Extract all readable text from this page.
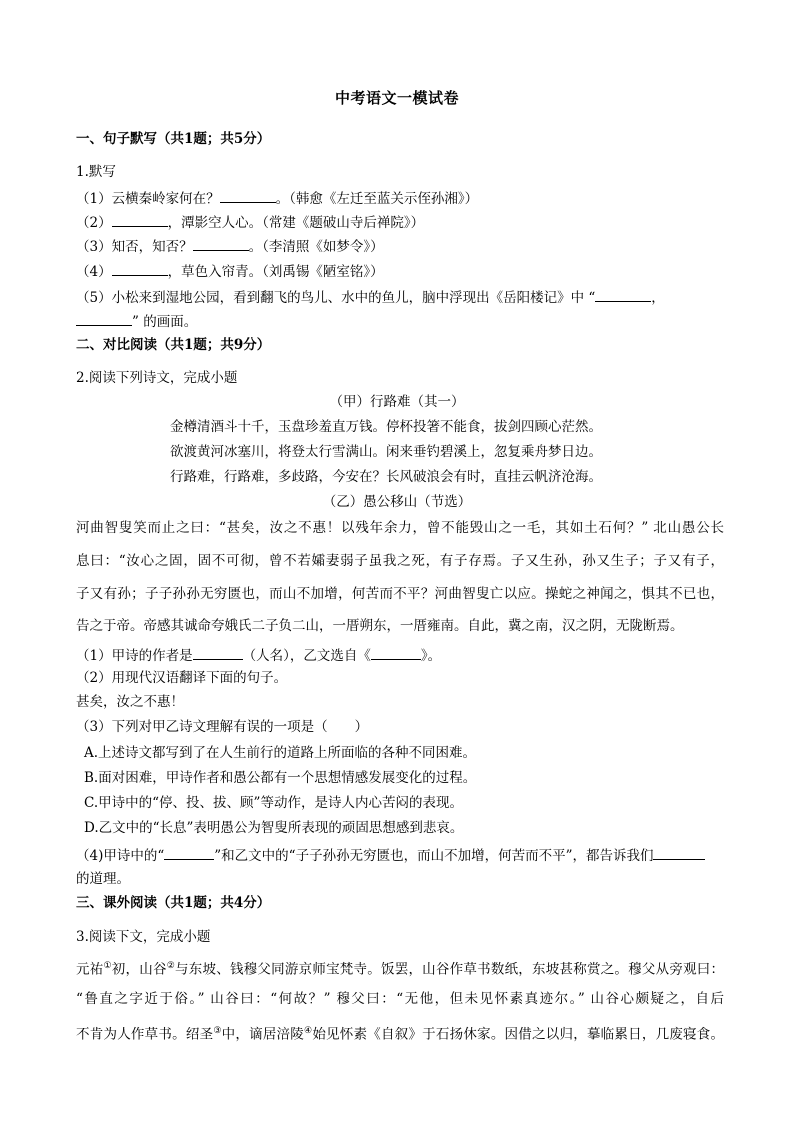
中考语文一模试卷
一、句子默写（共1题；共5分）
1.默写
（1）云横秦岭家何在？	。（韩愈《左迁至蓝关示侄孙湘》）
（2）	，潭影空人心。（常建《题破山寺后禅院》）
（3）知否，知否？	。（李清照《如梦令》）
（4）	，草色入帘青。（刘禹锡《陋室铭》）
（5）小松来到湿地公园，看到翻飞的鸟儿、水中的鱼儿，脑中浮现出《岳阳楼记》中 “	，
” 的画面。
二、对比阅读（共1题；共9分）
2.阅读下列诗文，完成小题
（甲）行路难（其一）
金樽清酒斗十千，玉盘珍羞直万钱。停杯投箸不能食，拔剑四顾心茫然。
欲渡黄河冰塞川，将登太行雪满山。闲来垂钓碧溪上，忽复乘舟梦日边。
行路难，行路难，多歧路，今安在？长风破浪会有时，直挂云帆济沧海。
（乙）愚公移山（节选）
河曲智叟笑而止之曰：“甚矣，汝之不惠！以残年余力，曾不能毁山之一毛，其如土石何？” 北山愚公长
息曰：“汝心之固，固不可彻，曾不若孀妻弱子虽我之死，有子存焉。子又生孙，孙又生子；子又有子，
子又有孙；子子孙孙无穷匮也，而山不加增，何苦而不平？河曲智叟亡以应。操蛇之神闻之，惧其不已也，
告之于帝。帝感其诚命夸娥氏二子负二山，一厝朔东，一厝雍南。自此，冀之南，汉之阴，无陇断焉。
（1）甲诗的作者是	（人名），乙文选自《	》。
（2）用现代汉语翻译下面的句子。
甚矣，汝之不惠！
（3）下列对甲乙诗文理解有误的一项是（　　）
A.上述诗文都写到了在人生前行的道路上所面临的各种不同困难。
B.面对困难，甲诗作者和愚公都有一个思想情感发展变化的过程。
C.甲诗中的“停、投、拔、顾”等动作，是诗人内心苦闷的表现。
D.乙文中的“长息”表明愚公为智叟所表现的顽固思想感到悲哀。
（4)甲诗中的“	”和乙文中的“子子孙孙无穷匮也，而山不加增，何苦而不平”，都告诉我们
的道理。
三、课外阅读（共1题；共4分）
3.阅读下文，完成小题
元祐①初，山谷②与东坡、钱穆父同游京师宝梵寺。饭罢，山谷作草书数纸，东坡甚称赏之。穆父从旁观曰：
“鲁直之字近于俗。” 山谷曰：“何故？” 穆父曰：“无他，但未见怀素真迹尔。” 山谷心颇疑之，自后
不肯为人作草书。绍圣③中，谪居涪陵④始见怀素《自叙》于石扬休家。因借之以归，摹临累日，几废寝食。
